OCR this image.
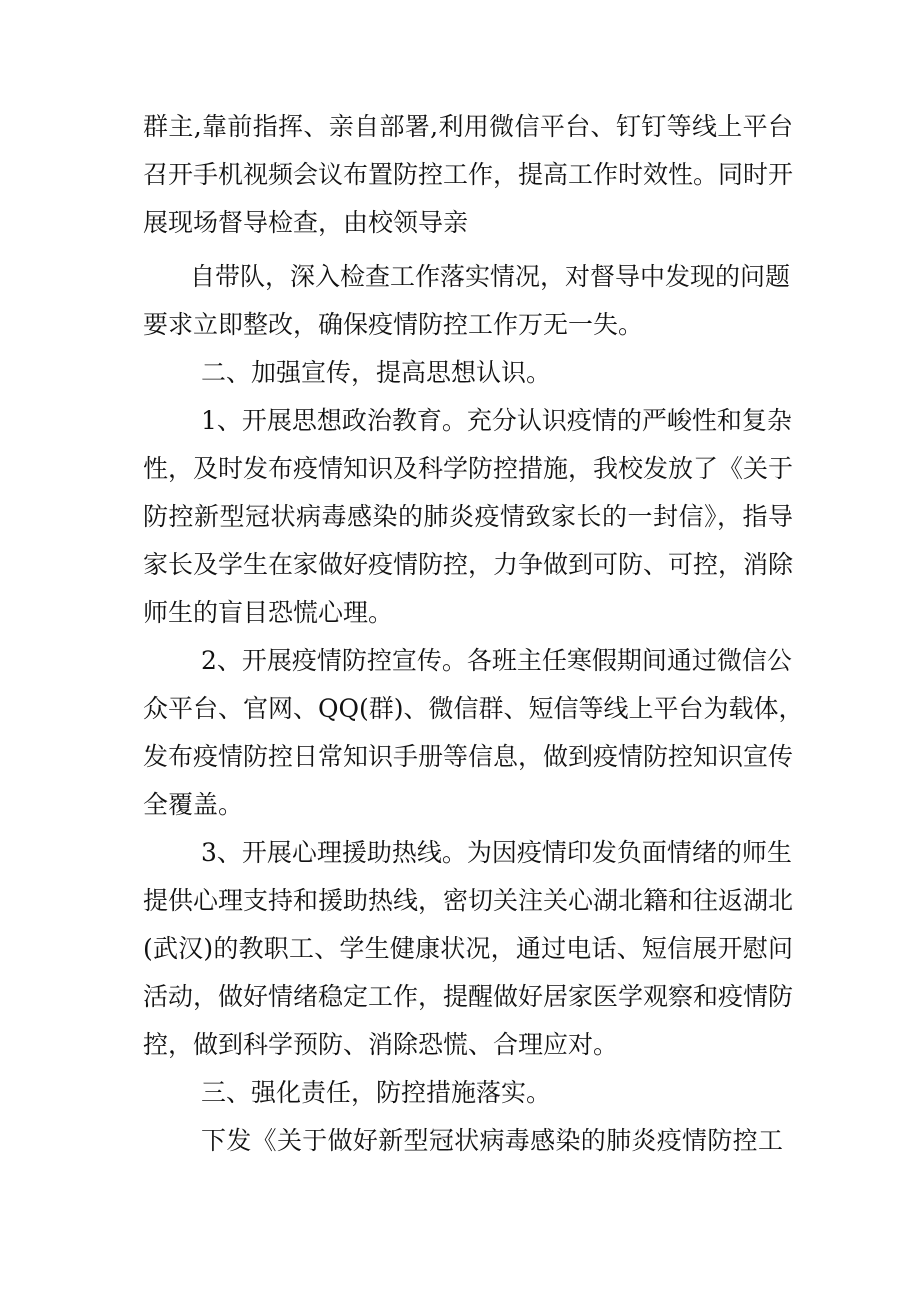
群主,靠前指挥、亲自部署,利用微信平台、钉钉等线上平台
召开手机视频会议布置防控工作，提高工作时效性。同时开
展现场督导检查，由校领导亲
自带队，深入检查工作落实情况，对督导中发现的问题
要求立即整改，确保疫情防控工作万无一失。
二、加强宣传，提高思想认识。
1、开展思想政治教育。充分认识疫情的严峻性和复杂
性，及时发布疫情知识及科学防控措施，我校发放了《关于
防控新型冠状病毒感染的肺炎疫情致家长的一封信》，指导
家长及学生在家做好疫情防控，力争做到可防、可控，消除
师生的盲目恐慌心理。
2、开展疫情防控宣传。各班主任寒假期间通过微信公
众平台、官网、QQ(群)、微信群、短信等线上平台为载体，
发布疫情防控日常知识手册等信息，做到疫情防控知识宣传
全覆盖。
3、开展心理援助热线。为因疫情印发负面情绪的师生
提供心理支持和援助热线，密切关注关心湖北籍和往返湖北
(武汉)的教职工、学生健康状况，通过电话、短信展开慰问
活动，做好情绪稳定工作，提醒做好居家医学观察和疫情防
控，做到科学预防、消除恐慌、合理应对。
三、强化责任，防控措施落实。
下发《关于做好新型冠状病毒感染的肺炎疫情防控工
